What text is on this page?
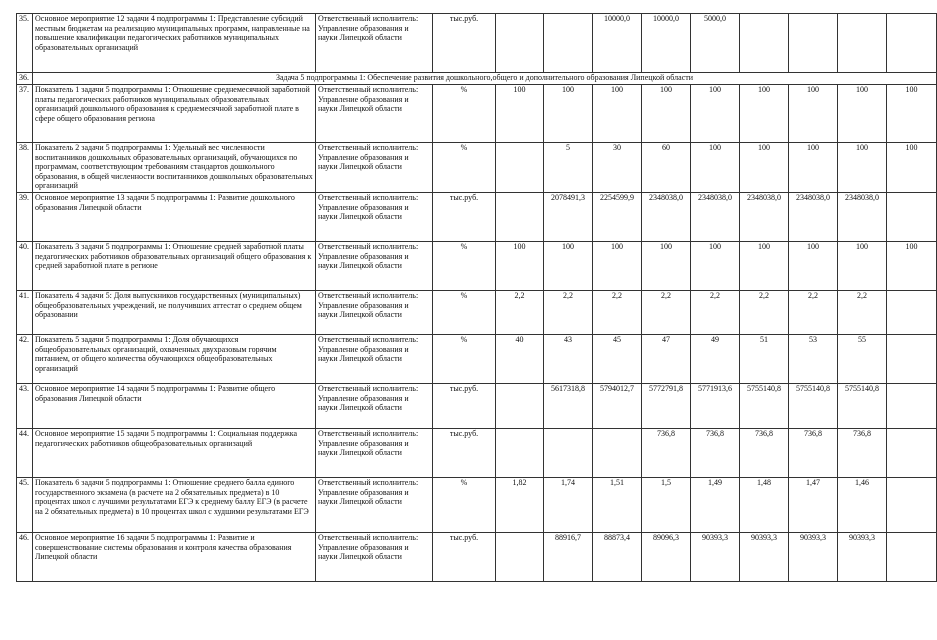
35.	Основное мероприятие 12 задачи 4 подпрограммы 1: Представление субсидий местным бюджетам на реализацию муниципальных программ, направленные на повышение квалификации педагогических работников муниципальных образовательных организаций	Ответственный исполнитель: Управление образования и науки Липецкой области	тыс.руб.			10000,0	10000,0	5000,0				
36.	Задача 5 подпрограммы 1: Обеспечение развития дошкольного,общего и дополнительного образования Липецкой области											
37.	Показатель 1 задачи 5 подпрограммы 1: Отношение среднемесячной заработной платы педагогических работников муниципальных образовательных организаций дошкольного образования к среднемесячной заработной плате в сфере общего образования региона	Ответственный исполнитель: Управление образования и науки Липецкой области	%	100	100	100	100	100	100	100	100	100
38.	Показатель 2 задачи 5 подпрограммы 1: Удельный вес численности воспитанников дошкольных образовательных организаций, обучающихся по программам, соответствующим требованиям стандартов дошкольного образования, в общей численности воспитанников дошкольных образовательных организаций	Ответственный исполнитель: Управление образования и науки Липецкой области	%		5	30	60	100	100	100	100	100
39.	Основное мероприятие 13 задачи 5 подпрограммы 1: Развитие дошкольного образования Липецкой области	Ответственный исполнитель: Управление образования и науки Липецкой области	тыс.руб.		2078491,3	2254599,9	2348038,0	2348038,0	2348038,0	2348038,0	2348038,0	
40.	Показатель 3 задачи 5 подпрограммы 1: Отношение средней заработной платы педагогических работников образовательных организаций общего образования к средней заработной плате в регионе	Ответственный исполнитель: Управление образования и науки Липецкой области	%	100	100	100	100	100	100	100	100	100
41.	Показатель 4 задачи 5: Доля выпускников государственных (муниципальных) общеобразовательных учреждений, не получивших аттестат о среднем общем образовании	Ответственный исполнитель: Управление образования и науки Липецкой области	%	2,2	2,2	2,2	2,2	2,2	2,2	2,2	2,2	
42.	Показатель 5 задачи 5 подпрограммы 1: Доля обучающихся общеобразовательных организаций, охваченных двухразовым горячим питанием, от общего количества обучающихся общеобразовательных организаций	Ответственный исполнитель: Управление образования и науки Липецкой области	%	40	43	45	47	49	51	53	55	
43.	Основное мероприятие 14 задачи 5 подпрограммы 1: Развитие общего образования Липецкой области	Ответственный исполнитель: Управление образования и науки Липецкой области	тыс.руб.		5617318,8	5794012,7	5772791,8	5771913,6	5755140,8	5755140,8	5755140,8	
44.	Основное мероприятие 15 задачи 5 подпрограммы 1: Социальная поддержка педагогических работников общеобразовательных организаций	Ответственный исполнитель: Управление образования и науки Липецкой области	тыс.руб.				736,8	736,8	736,8	736,8	736,8	
45.	Показатель 6 задачи 5 подпрограммы 1: Отношение среднего балла единого государственного экзамена (в расчете на 2 обязательных предмета) в 10 процентах школ с лучшими результатами ЕГЭ к среднему баллу ЕГЭ (в расчете на 2 обязательных предмета) в 10 процентах школ с худшими результатами ЕГЭ	Ответственный исполнитель: Управление образования и науки Липецкой области	%	1,82	1,74	1,51	1,5	1,49	1,48	1,47	1,46	
46.	Основное мероприятие 16 задачи 5 подпрограммы 1: Развитие и совершенствование системы образования и контроля качества образования Липецкой области	Ответственный исполнитель: Управление образования и науки Липецкой области	тыс.руб.		88916,7	88873,4	89096,3	90393,3	90393,3	90393,3	90393,3	
